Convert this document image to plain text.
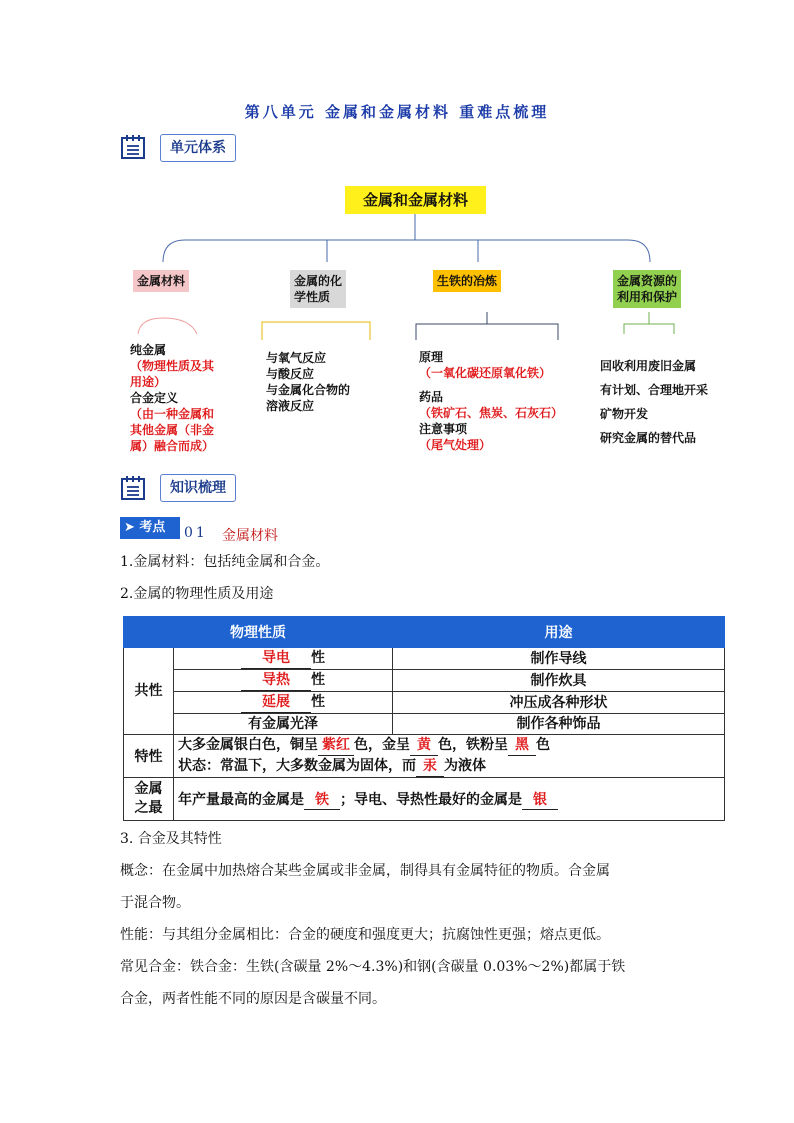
第八单元 金属和金属材料 重难点梳理
单元体系
金属和金属材料
金属材料	金属的化
学性质
生铁的冶炼	金属资源的
利用和保护
纯金属
（物理性质及其
用途）
合金定义
（由一种金属和
其他金属（非金
属）融合而成）
与氧气反应
与酸反应
与金属化合物的
溶液反应
原理
（一氧化碳还原氧化铁）
药品
（铁矿石、焦炭、石灰石）
注意事项
（尾气处理）
回收利用废旧金属
有计划、合理地开采
矿物开发
研究金属的替代品
知识梳理
➤ 考点	01 金属材料
1.金属材料：包括纯金属和合金。
2.金属的物理性质及用途
物理性质		用途
共性	导电 性	制作导线
	导热 性	制作炊具
	延展 性	冲压成各种形状
	有金属光泽	制作各种饰品
特性	大多金属银白色，铜呈 紫红 色，金呈 黄 色，铁粉呈 黑 色
状态：常温下，大多数金属为固体，而 汞 为液体	

金属
之最	年产量最高的金属是 铁 ；导电、导热性最好的金属是 银	
3. 合金及其特性
概念：在金属中加热熔合某些金属或非金属，制得具有金属特征的物质。合金属
于混合物。
性能：与其组分金属相比：合金的硬度和强度更大；抗腐蚀性更强；熔点更低。
常见合金：铁合金：生铁(含碳量 2%～4.3%)和钢(含碳量 0.03%～2%)都属于铁
合金，两者性能不同的原因是含碳量不同。
